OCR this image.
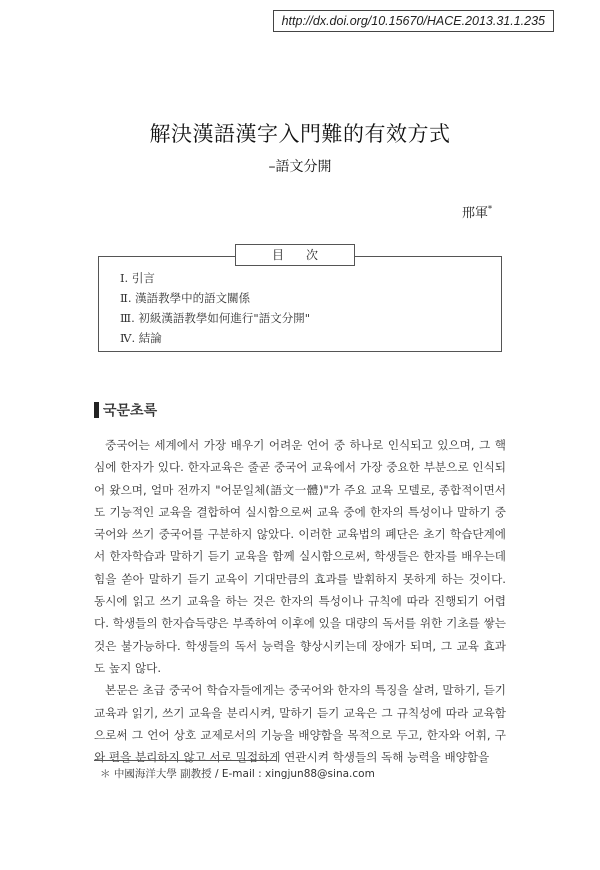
http://dx.doi.org/10.15670/HACE.2013.31.1.235
解決漢語漢字入門難的有效方式
–語文分開
邢軍*
目次
Ⅰ. 引言
Ⅱ. 漢語教學中的語文關係
Ⅲ. 初級漢語教學如何進行"語文分開"
Ⅳ. 結論
국문초록

중국어는 세계에서 가장 배우기 어려운 언어 중 하나로 인식되고 있으며, 그 핵심에 한자가 있다. 한자교육은 줄곧 중국어 교육에서 가장 중요한 부분으로 인식되어 왔으며, 얼마 전까지 "어문일체(語文一體)"가 주요 교육 모델로, 종합적이면서도 기능적인 교육을 결합하여 실시함으로써 교육 중에 한자의 특성이나 말하기 중국어와 쓰기 중국어를 구분하지 않았다. 이러한 교육법의 폐단은 초기 학습단계에서 한자학습과 말하기 듣기 교육을 함께 실시함으로써, 학생들은 한자를 배우는데 힘을 쏟아 말하기 듣기 교육이 기대만큼의 효과를 발휘하지 못하게 하는 것이다. 동시에 읽고 쓰기 교육을 하는 것은 한자의 특성이나 규칙에 따라 진행되기 어렵다. 학생들의 한자습득량은 부족하여 이후에 있을 대량의 독서를 위한 기초를 쌓는 것은 불가능하다. 학생들의 독서 능력을 향상시키는데 장애가 되며, 그 교육 효과도 높지 않다.

본문은 초급 중국어 학습자들에게는 중국어와 한자의 특징을 살려, 말하기, 듣기 교육과 읽기, 쓰기 교육을 분리시켜, 말하기 듣기 교육은 그 규칙성에 따라 교육함으로써 그 언어 상호 교제로서의 기능을 배양함을 목적으로 두고, 한자와 어휘, 구와 편을 분리하지 않고 서로 밀접하게 연관시켜 학생들의 독해 능력을 배양함을

＊ 中國海洋大學 副教授 / E-mail : xingjun88@sina.com
